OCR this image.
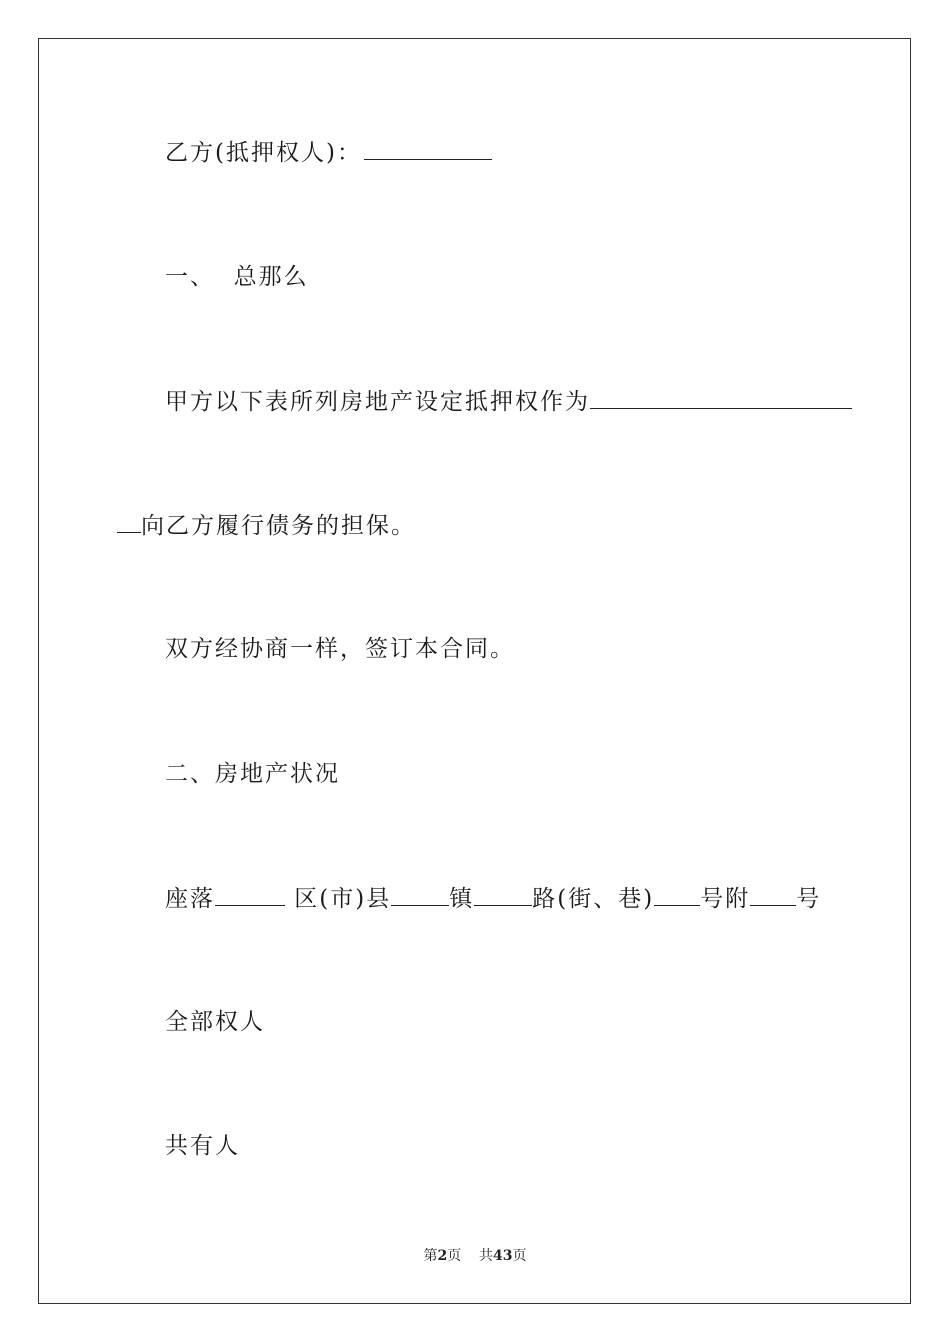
乙方(抵押权人)：
一、  总那么
甲方以下表所列房地产设定抵押权作为
向乙方履行债务的担保。
双方经协商一样，签订本合同。
二、房地产状况
座落	区(市)县	镇	路(街、巷) 号附 号
全部权人
共有人
第2页 共43页
